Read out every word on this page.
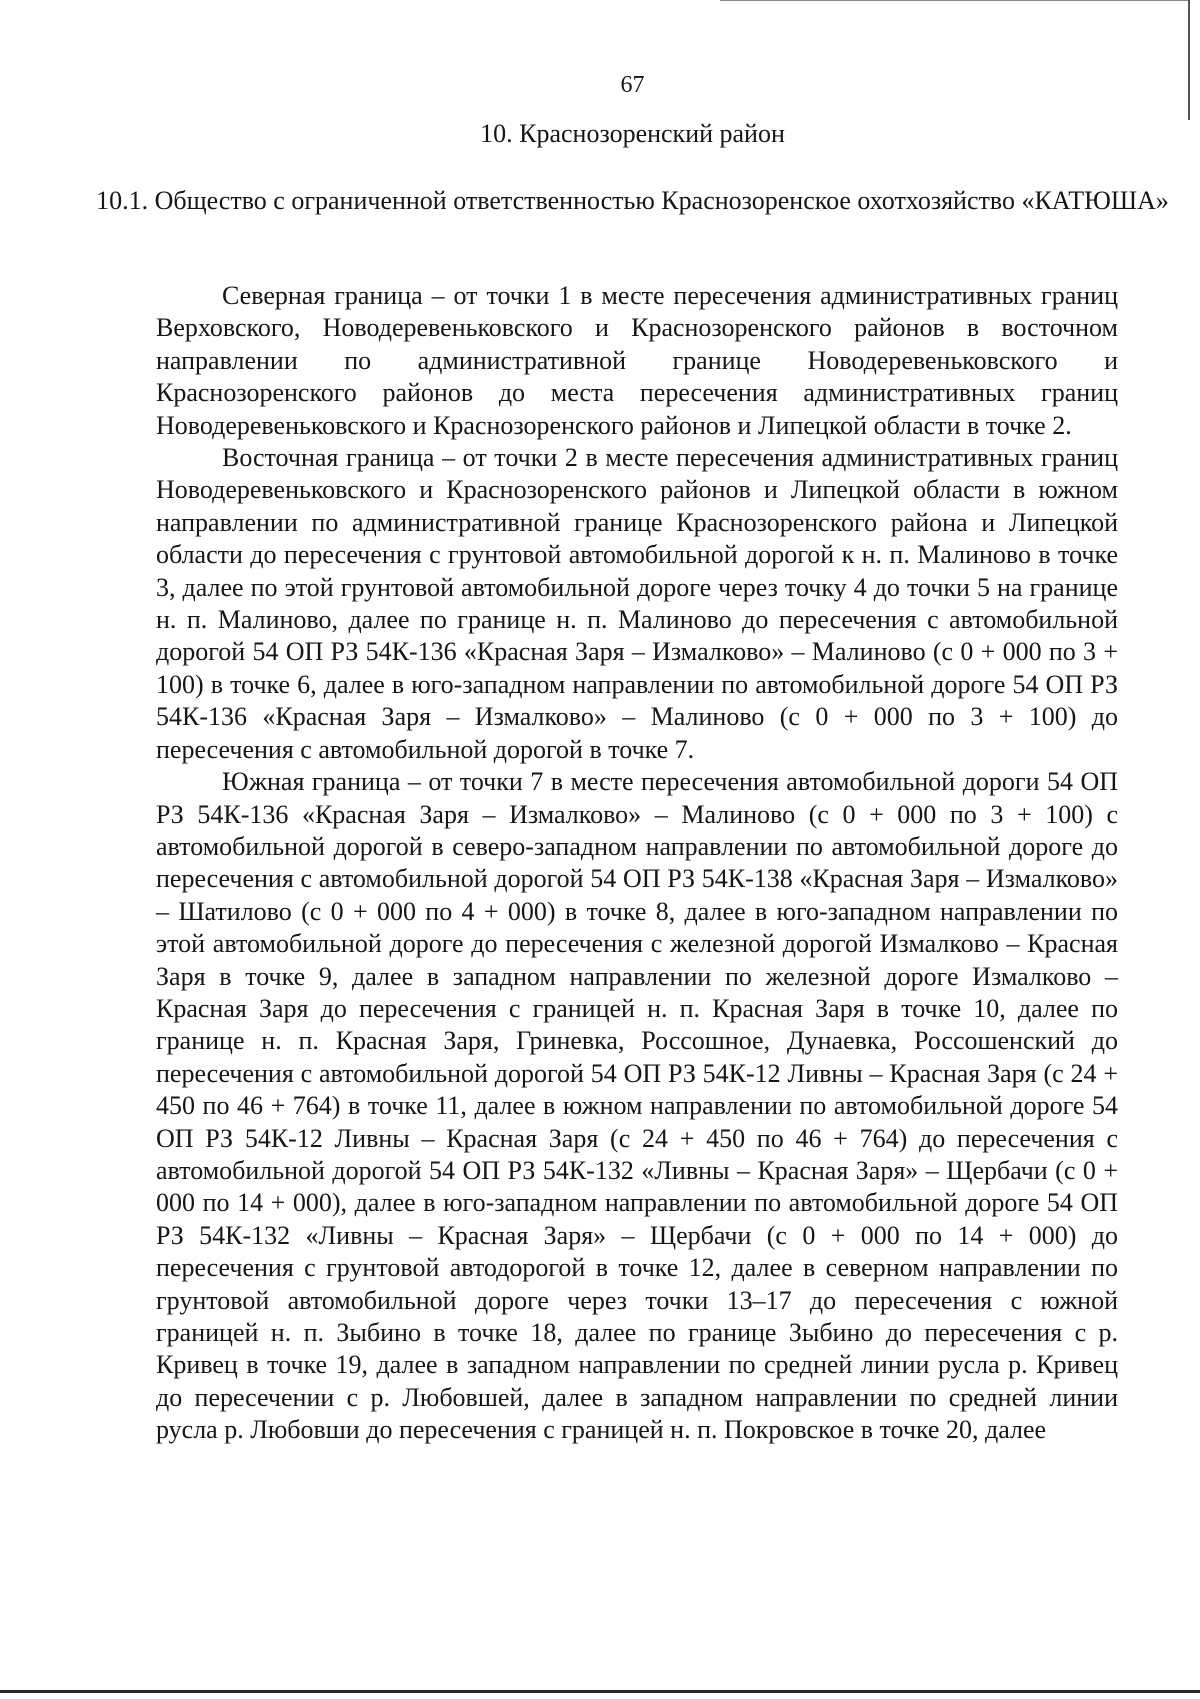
67
10. Краснозоренский район
10.1. Общество с ограниченной ответственностью Краснозоренское охотхозяйство «КАТЮША»

Северная граница – от точки 1 в месте пересечения административных границ Верховского, Новодеревеньковского и Краснозоренского районов в восточном направлении по административной границе Новодеревеньковского и Краснозоренского районов до места пересечения административных границ Новодеревеньковского и Краснозоренского районов и Липецкой области в точке 2.

Восточная граница – от точки 2 в месте пересечения административных границ Новодеревеньковского и Краснозоренского районов и Липецкой области в южном направлении по административной границе Краснозоренского района и Липецкой области до пересечения с грунтовой автомобильной дорогой к н. п. Малиново в точке 3, далее по этой грунтовой автомобильной дороге через точку 4 до точки 5 на границе н. п. Малиново, далее по границе н. п. Малиново до пересечения с автомобильной дорогой 54 ОП РЗ 54К-136 «Красная Заря – Измалково» – Малиново (с 0 + 000 по 3 + 100) в точке 6, далее в юго-западном направлении по автомобильной дороге 54 ОП РЗ 54К-136 «Красная Заря – Измалково» – Малиново (с 0 + 000 по 3 + 100) до пересечения с автомобильной дорогой в точке 7.

Южная граница – от точки 7 в месте пересечения автомобильной дороги 54 ОП РЗ 54К-136 «Красная Заря – Измалково» – Малиново (с 0 + 000 по 3 + 100) с автомобильной дорогой в северо-западном направлении по автомобильной дороге до пересечения с автомобильной дорогой 54 ОП РЗ 54К-138 «Красная Заря – Измалково» – Шатилово (с 0 + 000 по 4 + 000) в точке 8, далее в юго-западном направлении по этой автомобильной дороге до пересечения с железной дорогой Измалково – Красная Заря в точке 9, далее в западном направлении по железной дороге Измалково – Красная Заря до пересечения с границей н. п. Красная Заря в точке 10, далее по границе н. п. Красная Заря, Гриневка, Россошное, Дунаевка, Россошенский до пересечения с автомобильной дорогой 54 ОП РЗ 54К-12 Ливны – Красная Заря (с 24 + 450 по 46 + 764) в точке 11, далее в южном направлении по автомобильной дороге 54 ОП РЗ 54К-12 Ливны – Красная Заря (с 24 + 450 по 46 + 764) до пересечения с автомобильной дорогой 54 ОП РЗ 54К-132 «Ливны – Красная Заря» – Щербачи (с 0 + 000 по 14 + 000), далее в юго-западном направлении по автомобильной дороге 54 ОП РЗ 54К-132 «Ливны – Красная Заря» – Щербачи (с 0 + 000 по 14 + 000) до пересечения с грунтовой автодорогой в точке 12, далее в северном направлении по грунтовой автомобильной дороге через точки 13–17 до пересечения с южной границей н. п. Зыбино в точке 18, далее по границе Зыбино до пересечения с р. Кривец в точке 19, далее в западном направлении по средней линии русла р. Кривец до пересечении с р. Любовшей, далее в западном направлении по средней линии русла р. Любовши до пересечения с границей н. п. Покровское в точке 20, далее
